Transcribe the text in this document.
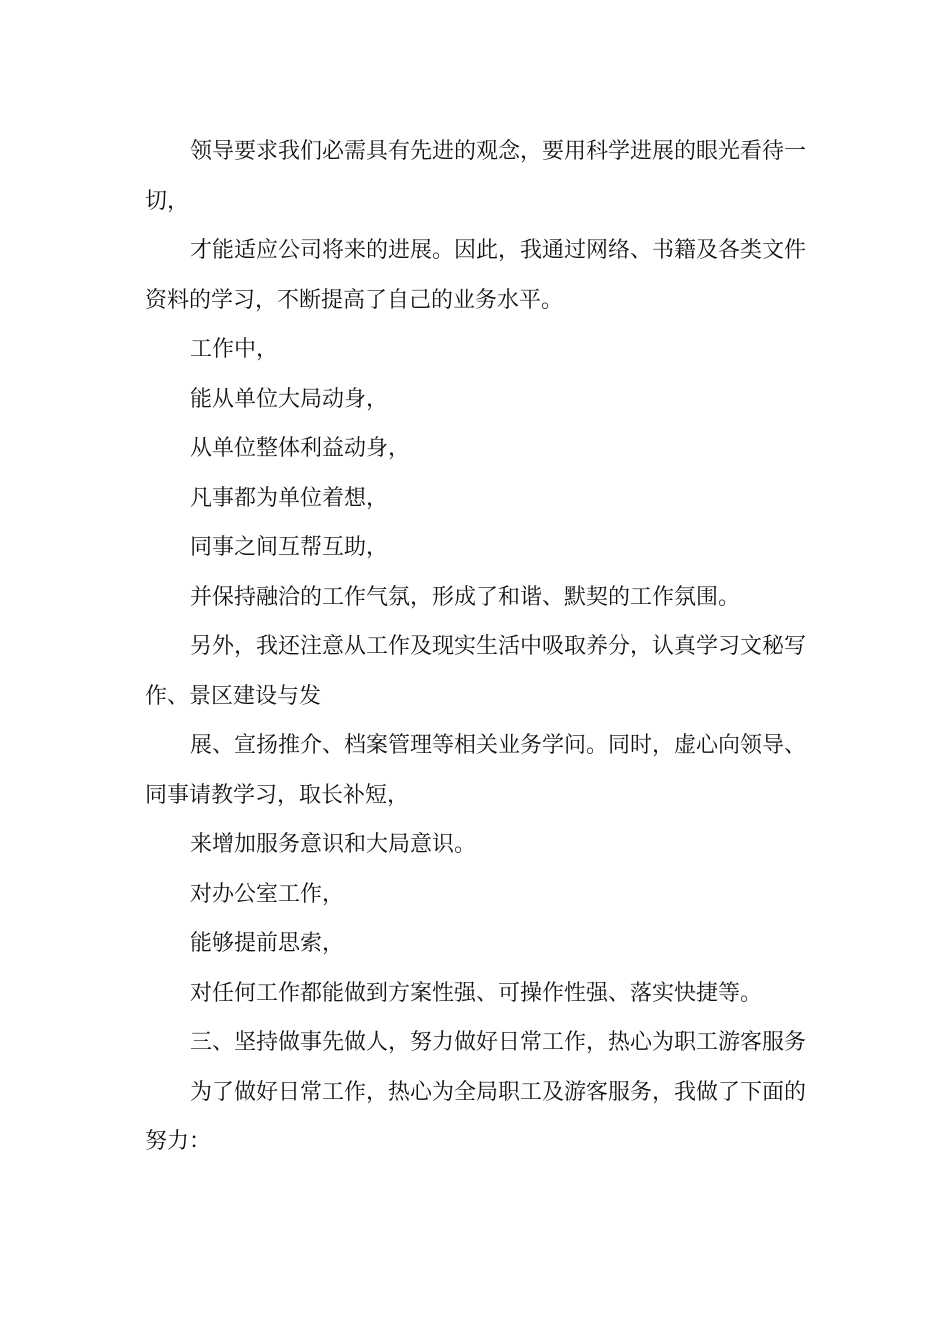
领导要求我们必需具有先进的观念，要用科学进展的眼光看待一切，

才能适应公司将来的进展。因此，我通过网络、书籍及各类文件资料的学习，不断提高了自己的业务水平。

工作中，

能从单位大局动身，

从单位整体利益动身，

凡事都为单位着想，

同事之间互帮互助，

并保持融洽的工作气氛，形成了和谐、默契的工作氛围。

另外，我还注意从工作及现实生活中吸取养分，认真学习文秘写作、景区建设与发

展、宣扬推介、档案管理等相关业务学问。同时，虚心向领导、同事请教学习，取长补短，

来增加服务意识和大局意识。

对办公室工作，

能够提前思索，

对任何工作都能做到方案性强、可操作性强、落实快捷等。

三、坚持做事先做人，努力做好日常工作，热心为职工游客服务

为了做好日常工作，热心为全局职工及游客服务，我做了下面的努力：
